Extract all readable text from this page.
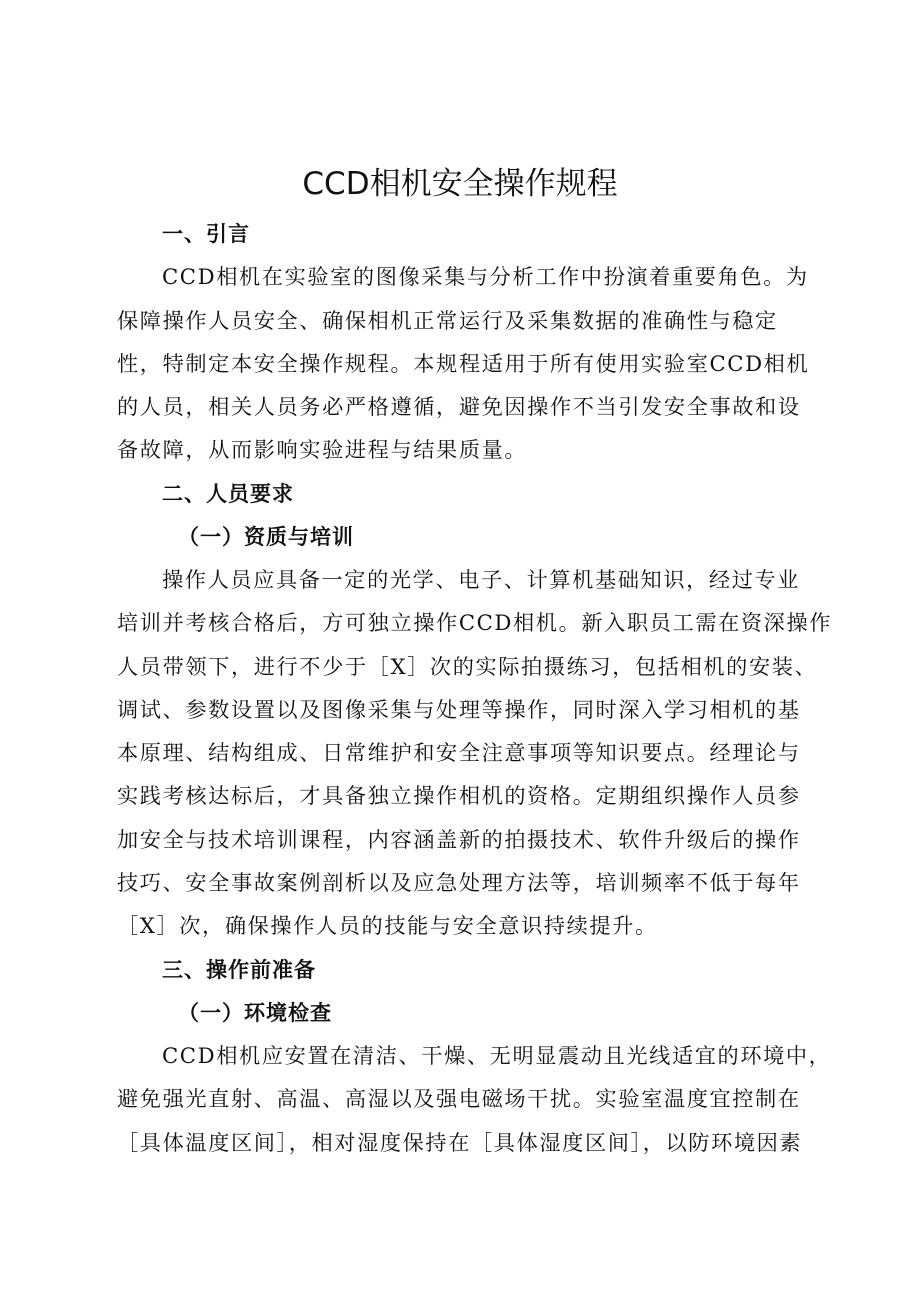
CCD相机安全操作规程
一、引言
CCD相机在实验室的图像采集与分析工作中扮演着重要角色。为
保障操作人员安全、确保相机正常运行及采集数据的准确性与稳定
性，特制定本安全操作规程。本规程适用于所有使用实验室CCD相机
的人员，相关人员务必严格遵循，避免因操作不当引发安全事故和设
备故障，从而影响实验进程与结果质量。
二、人员要求
（一）资质与培训
操作人员应具备一定的光学、电子、计算机基础知识，经过专业
培训并考核合格后，方可独立操作CCD相机。新入职员工需在资深操作
人员带领下，进行不少于［X］次的实际拍摄练习，包括相机的安装、
调试、参数设置以及图像采集与处理等操作，同时深入学习相机的基
本原理、结构组成、日常维护和安全注意事项等知识要点。经理论与
实践考核达标后，才具备独立操作相机的资格。定期组织操作人员参
加安全与技术培训课程，内容涵盖新的拍摄技术、软件升级后的操作
技巧、安全事故案例剖析以及应急处理方法等，培训频率不低于每年
［X］次，确保操作人员的技能与安全意识持续提升。
三、操作前准备
（一）环境检查
CCD相机应安置在清洁、干燥、无明显震动且光线适宜的环境中，
避免强光直射、高温、高湿以及强电磁场干扰。实验室温度宜控制在
［具体温度区间］，相对湿度保持在［具体湿度区间］，以防环境因素
